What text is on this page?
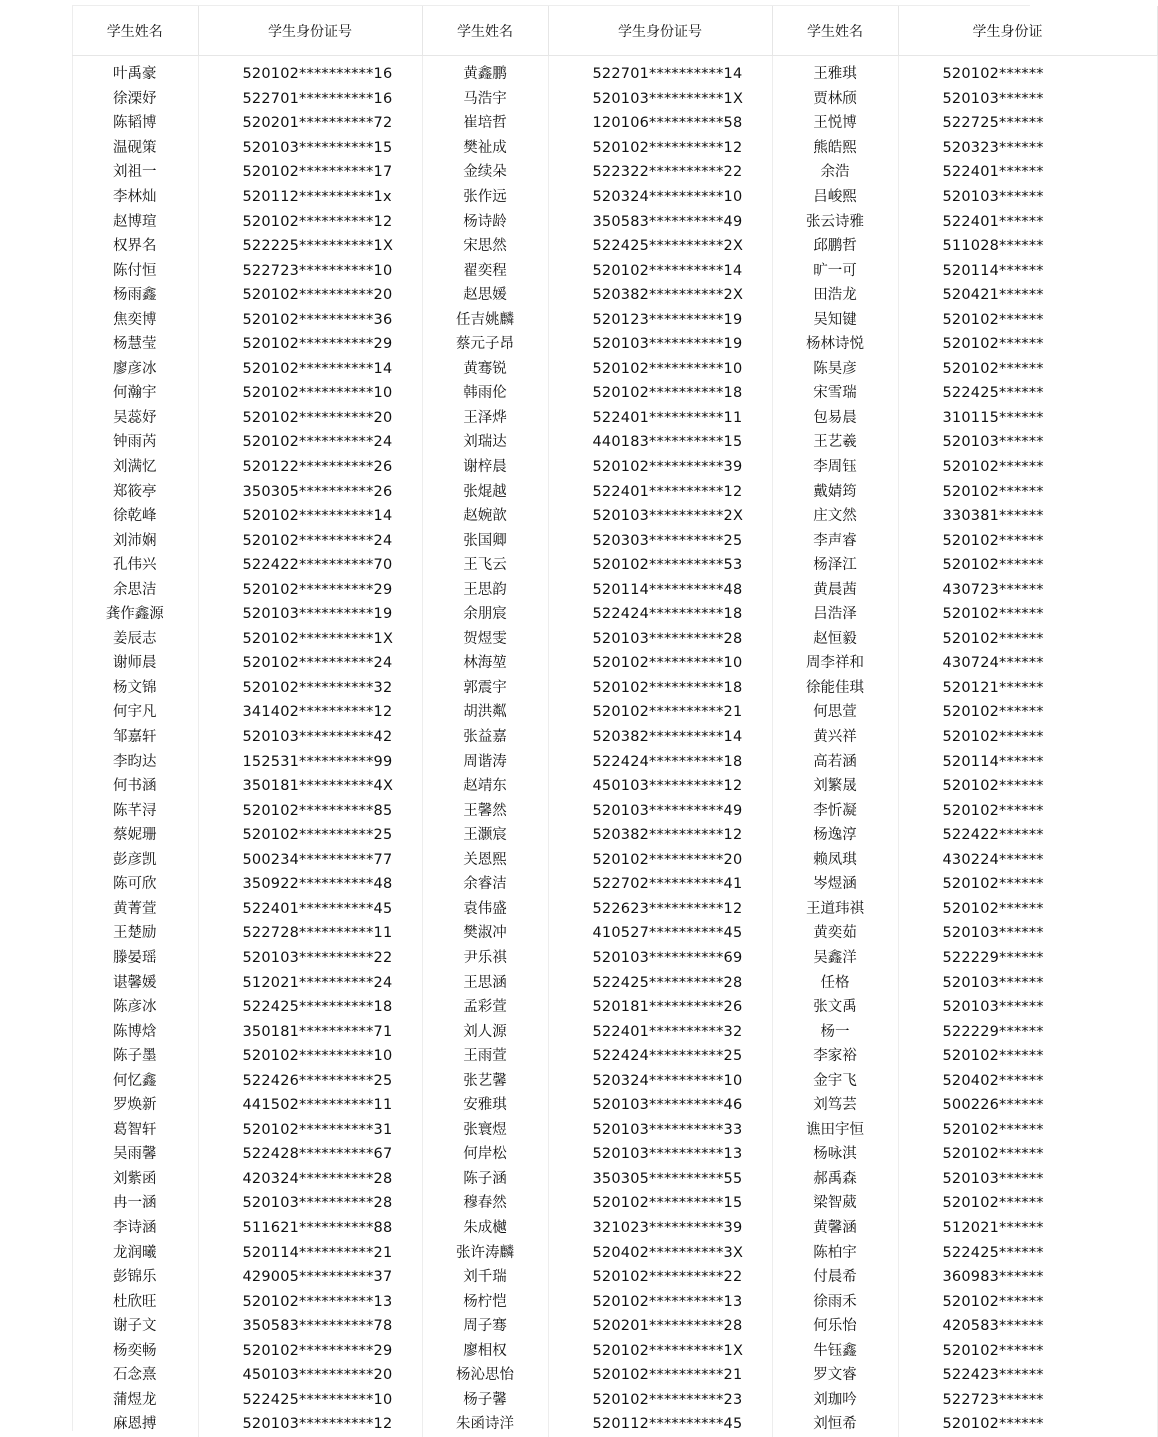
学生姓名	学生身份证号	学生姓名	学生身份证号	学生姓名	学生身份证
叶禹豪	520102**********16	黄鑫鹏	522701**********14	王雅琪	520102******
徐溧妤	522701**********16	马浩宇	520103**********1X	贾林颀	520103******
陈韬博	520201**********72	崔培哲	120106**********58	王悦博	522725******
温砚策	520103**********15	樊祉成	520102**********12	熊皓熙	520323******
刘祖一	520102**********17	金续朵	522322**********22	余浩	522401******
李林灿	520112**********1x	张作远	520324**********10	吕峻熙	520103******
赵博瑄	520102**********12	杨诗龄	350583**********49	张云诗雅	522401******
权界名	522225**********1X	宋思然	522425**********2X	邱鹏哲	511028******
陈付恒	522723**********10	翟奕程	520102**********14	旷一可	520114******
杨雨鑫	520102**********20	赵思媛	520382**********2X	田浩龙	520421******
焦奕博	520102**********36	任吉姚麟	520123**********19	吴知键	520102******
杨慧莹	520102**********29	蔡元子昂	520103**********19	杨林诗悦	520102******
廖彦冰	520102**********14	黄骞锐	520102**********10	陈昊彦	520102******
何瀚宇	520102**********10	韩雨伦	520102**********18	宋雪瑞	522425******
吴蕊妤	520102**********20	王泽烨	522401**********11	包易晨	310115******
钟雨芮	520102**********24	刘瑞达	440183**********15	王艺羲	520103******
刘满忆	520122**********26	谢梓晨	520102**********39	李周钰	520102******
郑筱亭	350305**********26	张焜越	522401**********12	戴婧筠	520102******
徐乾峰	520102**********14	赵婉歆	520103**********2X	庄文然	330381******
刘沛娴	520102**********24	张国卿	520303**********25	李声睿	520102******
孔伟兴	522422**********70	王飞云	520102**********53	杨泽江	520102******
余思洁	520102**********29	王思韵	520114**********48	黄晨茜	430723******
龚作鑫源	520103**********19	余朋宸	522424**********18	吕浩泽	520102******
姜辰志	520102**********1X	贺煜雯	520103**********28	赵恒毅	520102******
谢师晨	520102**********24	林海堃	520102**********10	周李祥和	430724******
杨文锦	520102**********32	郭震宇	520102**********18	徐能佳琪	520121******
何宇凡	341402**********12	胡洪粼	520102**********21	何思萱	520102******
邹嘉轩	520103**********42	张益嘉	520382**********14	黄兴祥	520102******
李昀达	152531**********99	周谐涛	522424**********18	高若涵	520114******
何书涵	350181**********4X	赵靖东	450103**********12	刘繁晟	520102******
陈芊浔	520102**********85	王馨然	520103**********49	李忻凝	520102******
蔡妮珊	520102**********25	王灏宸	520382**********12	杨逸淳	522422******
彭彦凯	500234**********77	关恩熙	520102**********20	赖凤琪	430224******
陈可欣	350922**********48	余睿洁	522702**********41	岑煜涵	520102******
黄菁萱	522401**********45	袁伟盛	522623**********12	王道玮祺	520102******
王楚励	522728**********11	樊淑冲	410527**********45	黄奕茹	520103******
滕晏瑶	520103**********22	尹乐祺	520103**********69	吴鑫洋	522229******
谌馨媛	512021**********24	王思涵	522425**********28	任格	520103******
陈彦冰	522425**********18	孟彩萱	520181**********26	张文禹	520103******
陈博焓	350181**********71	刘人源	522401**********32	杨一	522229******
陈子墨	520102**********10	王雨萱	522424**********25	李家裕	520102******
何忆鑫	522426**********25	张艺馨	520324**********10	金宇飞	520402******
罗焕新	441502**********11	安雅琪	520103**********46	刘笃芸	500226******
葛智轩	520102**********31	张寰煜	520103**********33	谯田宇恒	520102******
吴雨馨	522428**********67	何岸松	520103**********13	杨咏淇	520102******
刘紫函	420324**********28	陈子涵	350305**********55	郝禹森	520103******
冉一涵	520103**********28	穆春然	520102**********15	梁智葳	520102******
李诗涵	511621**********88	朱成樾	321023**********39	黄馨涵	512021******
龙润曦	520114**********21	张许涛麟	520402**********3X	陈柏宇	522425******
彭锦乐	429005**********37	刘千瑞	520102**********22	付晨希	360983******
杜欣旺	520102**********13	杨柠恺	520102**********13	徐雨禾	520102******
谢子文	350583**********78	周子骞	520201**********28	何乐怡	420583******
杨奕畅	520102**********29	廖相权	520102**********1X	牛钰鑫	520102******
石念熹	450103**********20	杨沁思怡	520102**********21	罗文睿	522423******
蒲煜龙	522425**********10	杨子馨	520102**********23	刘珈吟	522723******
麻恩搏	520103**********12	朱函诗洋	520112**********45	刘恒希	520102******
